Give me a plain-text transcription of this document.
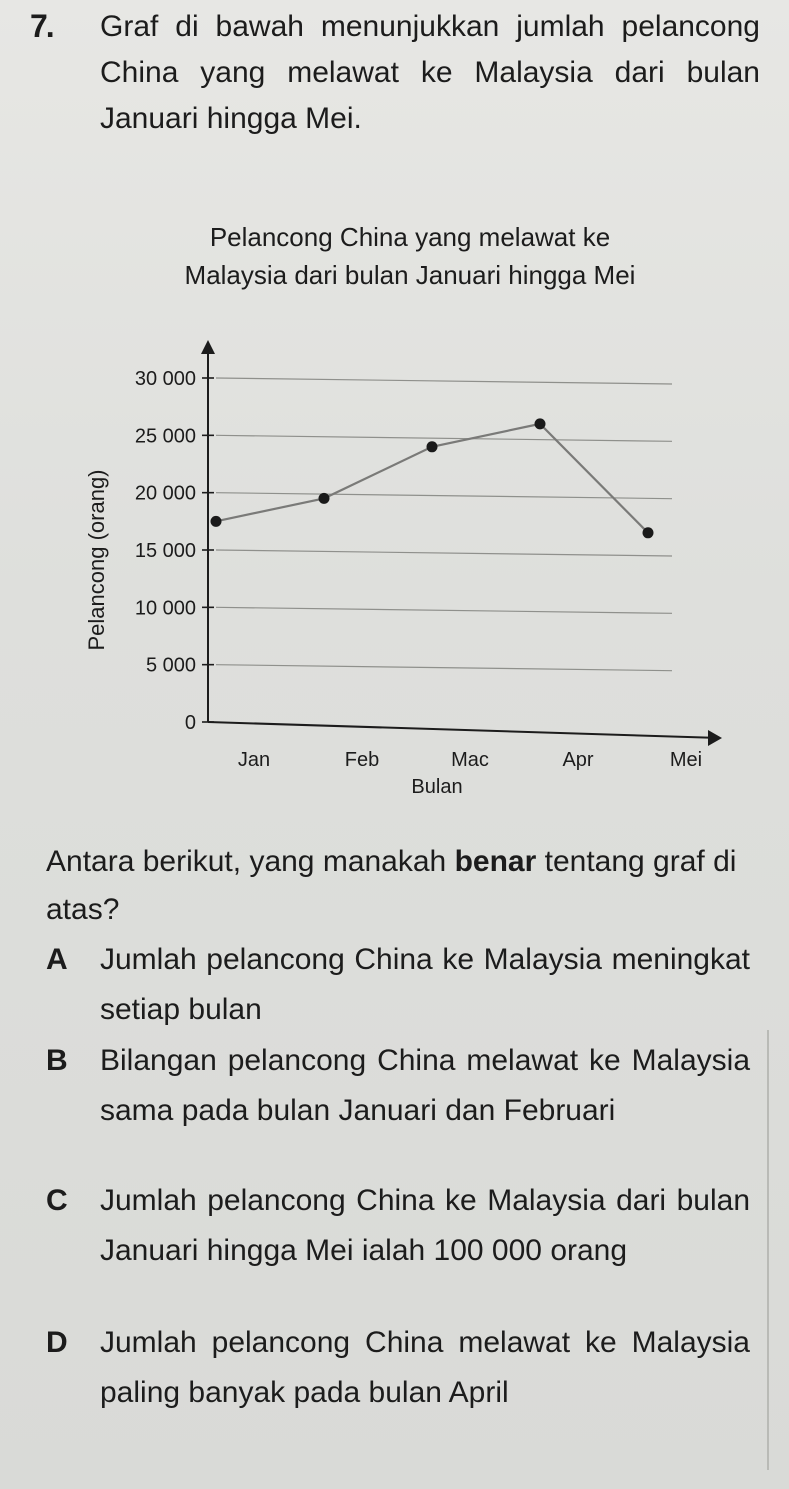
7. Graf di bawah menunjukkan jumlah pelancong China yang melawat ke Malaysia dari bulan Januari hingga Mei.
Pelancong China yang melawat ke
Malaysia dari bulan Januari hingga Mei
0
5 000
10 000
15 000
20 000
25 000
30 000
Jan	Feb	Mac	Apr	Mei
Bulan
Pelancong (orang)
Antara berikut, yang manakah benar tentang graf di atas?
A Jumlah pelancong China ke Malaysia meningkat setiap bulan
B Bilangan pelancong China melawat ke Malaysia sama pada bulan Januari dan Februari
C Jumlah pelancong China ke Malaysia dari bulan Januari hingga Mei ialah 100 000 orang
D Jumlah pelancong China melawat ke Malaysia paling banyak pada bulan April
